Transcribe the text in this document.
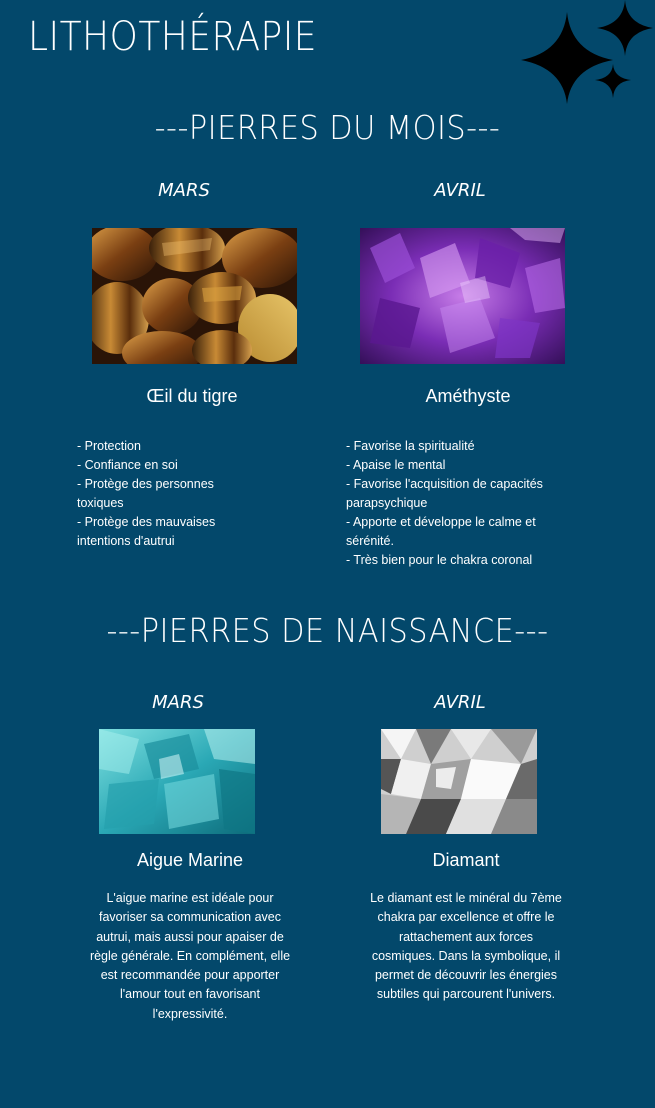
LITHOTHÉRAPIE
---PIERRES DU MOIS---
MARS	AVRIL
Œil du tigre	Améthyste
- Protection
- Confiance en soi
- Protège des personnes
toxiques
- Protège des mauvaises
intentions d'autrui
- Favorise la spiritualité
- Apaise le mental
- Favorise l'acquisition de capacités
parapsychique
- Apporte et développe le calme et
sérénité.
- Très bien pour le chakra coronal
---PIERRES DE NAISSANCE---
MARS	AVRIL
Aigue Marine	Diamant
L'aigue marine est idéale pour
favoriser sa communication avec
autrui, mais aussi pour apaiser de
règle générale. En complément, elle
est recommandée pour apporter
l'amour tout en favorisant
l'expressivité.
Le diamant est le minéral du 7ème
chakra par excellence et offre le
rattachement aux forces
cosmiques. Dans la symbolique, il
permet de découvrir les énergies
subtiles qui parcourent l'univers.
